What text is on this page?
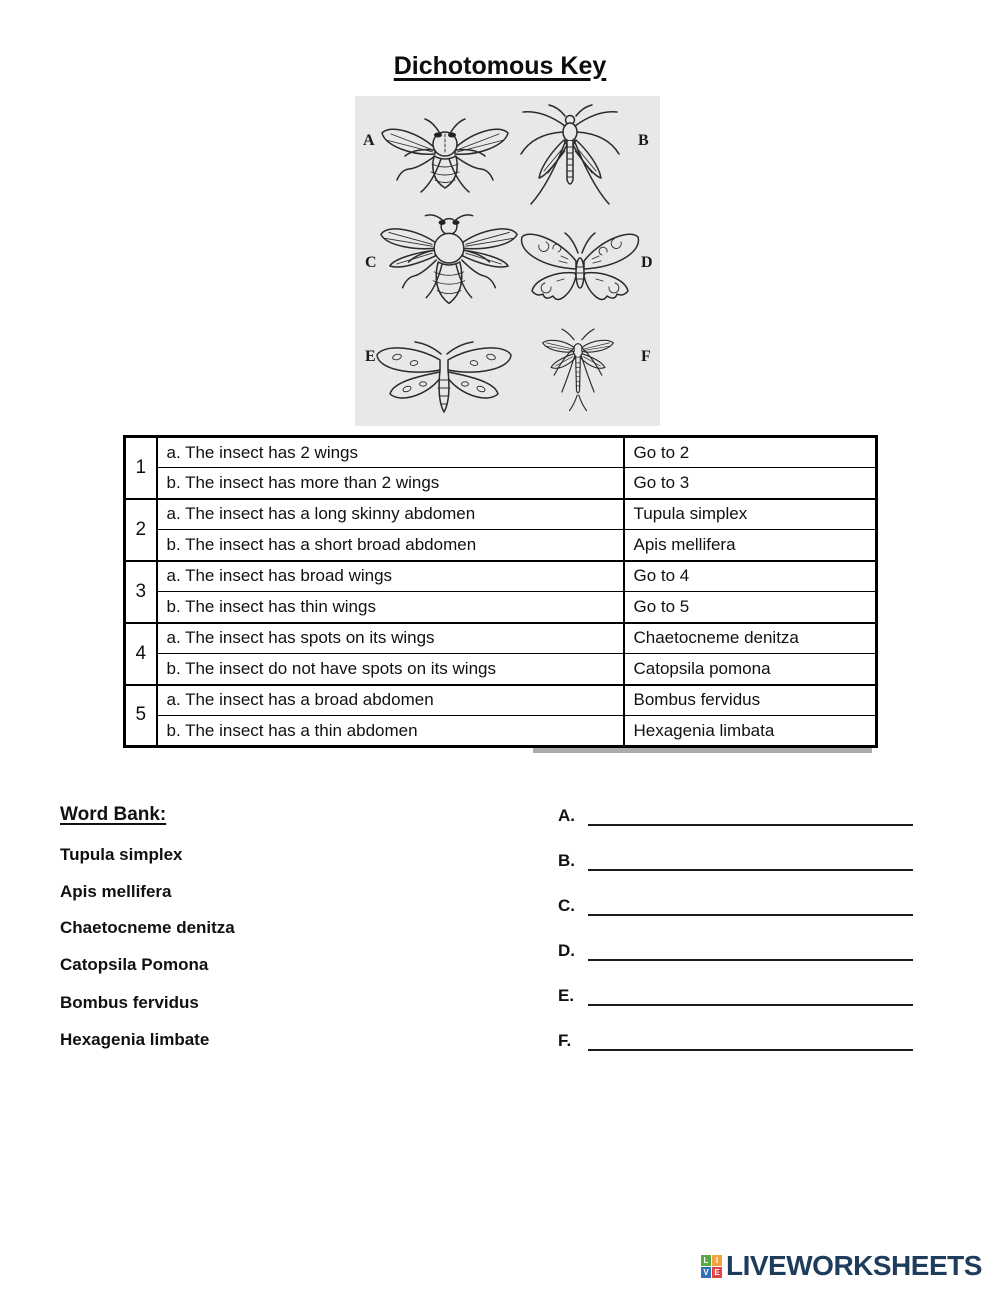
Dichotomous Key
A	B
C	D
E	F
1	a. The insect has 2 wings	Go to 2
	b. The insect has more than 2 wings	Go to 3
2	a. The insect has a long skinny abdomen	Tupula simplex
	b. The insect has a short broad abdomen	Apis mellifera
3	a. The insect has broad wings	Go to 4
	b. The insect has thin wings	Go to 5
4	a. The insect has spots on its wings	Chaetocneme denitza
	b. The insect do not have spots on its wings	Catopsila pomona
5	a. The insect has a broad abdomen	Bombus fervidus
	b. The insect has a thin abdomen	Hexagenia limbata
Word Bank:
Tupula simplex
Apis mellifera
Chaetocneme denitza
Catopsila Pomona
Bombus fervidus
Hexagenia limbate
A.
B.
C.
D.
E.
F.
L I
V E LIVEWORKSHEETS
